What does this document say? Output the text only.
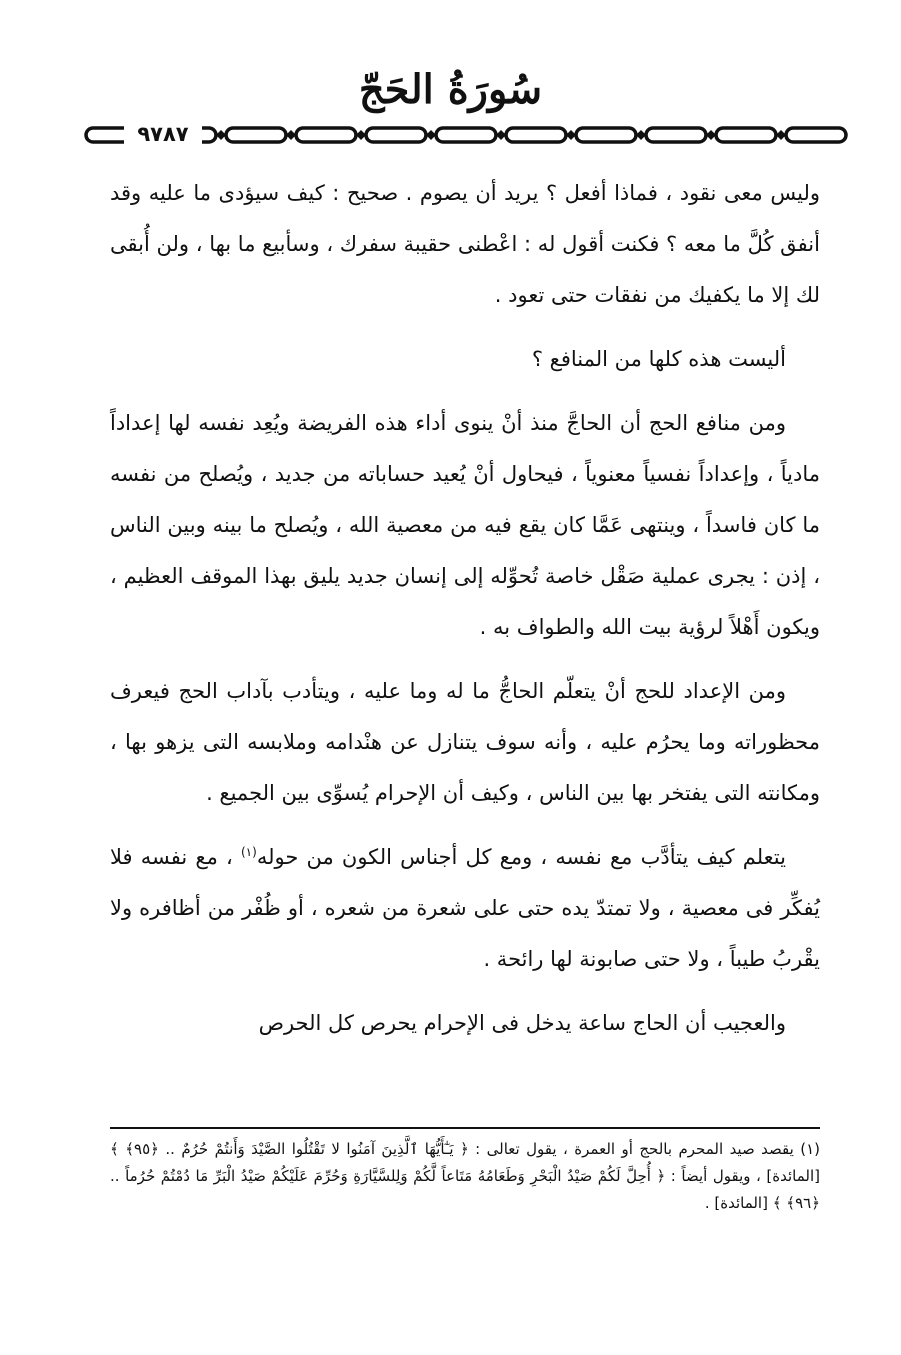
سُورَةُ الحَجّ
٩٧٨٧

وليس معى نقود ، فماذا أفعل ؟ يريد أن يصوم . صحيح : كيف سيؤدى ما عليه وقد أنفق كُلَّ ما معه ؟ فكنت أقول له : اعْطنى حقيبة سفرك ، وسأبيع ما بها ، ولن أُبقى لك إلا ما يكفيك من نفقات حتى تعود .

أليست هذه كلها من المنافع ؟

ومن منافع الحج أن الحاجَّ منذ أنْ ينوى أداء هذه الفريضة ويُعِد نفسه لها إعداداً مادياً ، وإعداداً نفسياً معنوياً ، فيحاول أنْ يُعيد حساباته من جديد ، ويُصلح من نفسه ما كان فاسداً ، وينتهى عَمَّا كان يقع فيه من معصية الله ، ويُصلح ما بينه وبين الناس ، إذن : يجرى عملية صَقْل خاصة تُحوِّله إلى إنسان جديد يليق بهذا الموقف العظيم ، ويكون أَهْلاً لرؤية بيت الله والطواف به .

ومن الإعداد للحج أنْ يتعلّم الحاجُّ ما له وما عليه ، ويتأدب بآداب الحج فيعرف محظوراته وما يحرُم عليه ، وأنه سوف يتنازل عن هنْدامه وملابسه التى يزهو بها ، ومكانته التى يفتخر بها بين الناس ، وكيف أن الإحرام يُسوِّى بين الجميع .

يتعلم كيف يتأدَّب مع نفسه ، ومع كل أجناس الكون من حوله$^{(١)}$ ، مع نفسه فلا يُفكِّر فى معصية ، ولا تمتدّ يده حتى على شعرة من شعره ، أو ظُفْر من أظافره ولا يقْربُ طيباً ، ولا حتى صابونة لها رائحة .

والعجيب أن الحاج ساعة يدخل فى الإحرام يحرص كل الحرص

(١) يقصد صيد المحرم بالحج أو العمرة ، يقول تعالى : ﴿ يَـٰٓأَيُّهَا ٱلَّذِينَ آمَنُوا لا تَقْتُلُوا الصَّيْدَ وَأَنتُمْ حُرُمٌ .. ﴿٩٥﴾ ﴾ [المائدة] ، ويقول أيضاً : ﴿ أُحِلَّ لَكُمْ صَيْدُ الْبَحْرِ وَطَعَامُهُ مَتَاعاً لَّكُمْ وَلِلسَّيَّارَةِ وَحُرِّمَ عَلَيْكُمْ صَيْدُ الْبَرِّ مَا دُمْتُمْ حُرُماً .. ﴿٩٦﴾ ﴾ [المائدة] .
